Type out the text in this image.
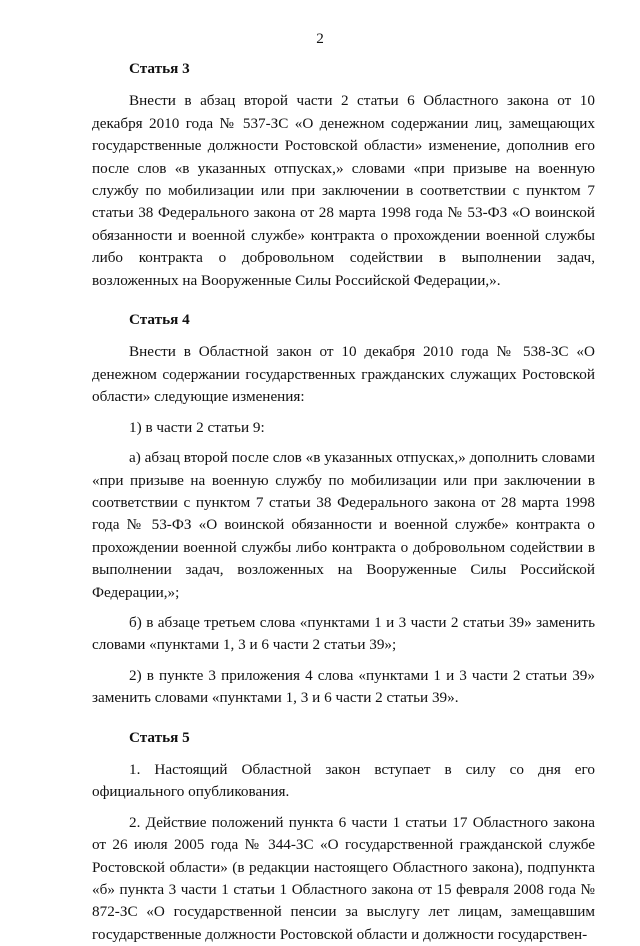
2

Статья 3

Внести в абзац второй части 2 статьи 6 Областного закона от 10 декабря 2010 года № 537-ЗС «О денежном содержании лиц, замещающих государственные должности Ростовской области» изменение, дополнив его после слов «в указанных отпусках,» словами «при призыве на военную службу по мобилизации или при заключении в соответствии с пунктом 7 статьи 38 Федерального закона от 28 марта 1998 года № 53-ФЗ «О воинской обязанности и военной службе» контракта о прохождении военной службы либо контракта о добровольном содействии в выполнении задач, возложенных на Вооруженные Силы Российской Федерации,».

Статья 4

Внести в Областной закон от 10 декабря 2010 года № 538-ЗС «О денежном содержании государственных гражданских служащих Ростовской области» следующие изменения:

1) в части 2 статьи 9:

а) абзац второй после слов «в указанных отпусках,» дополнить словами «при призыве на военную службу по мобилизации или при заключении в соответствии с пунктом 7 статьи 38 Федерального закона от 28 марта 1998 года № 53-ФЗ «О воинской обязанности и военной службе» контракта о прохождении военной службы либо контракта о добровольном содействии в выполнении задач, возложенных на Вооруженные Силы Российской Федерации,»;

б) в абзаце третьем слова «пунктами 1 и 3 части 2 статьи 39» заменить словами «пунктами 1, 3 и 6 части 2 статьи 39»;

2) в пункте 3 приложения 4 слова «пунктами 1 и 3 части 2 статьи 39» заменить словами «пунктами 1, 3 и 6 части 2 статьи 39».

Статья 5

1. Настоящий Областной закон вступает в силу со дня его официального опубликования.

2. Действие положений пункта 6 части 1 статьи 17 Областного закона от 26 июля 2005 года № 344-ЗС «О государственной гражданской службе Ростовской области» (в редакции настоящего Областного закона), подпункта «б» пункта 3 части 1 статьи 1 Областного закона от 15 февраля 2008 года № 872-ЗС «О государственной пенсии за выслугу лет лицам, замещавшим государственные должности Ростовской области и должности государствен-
